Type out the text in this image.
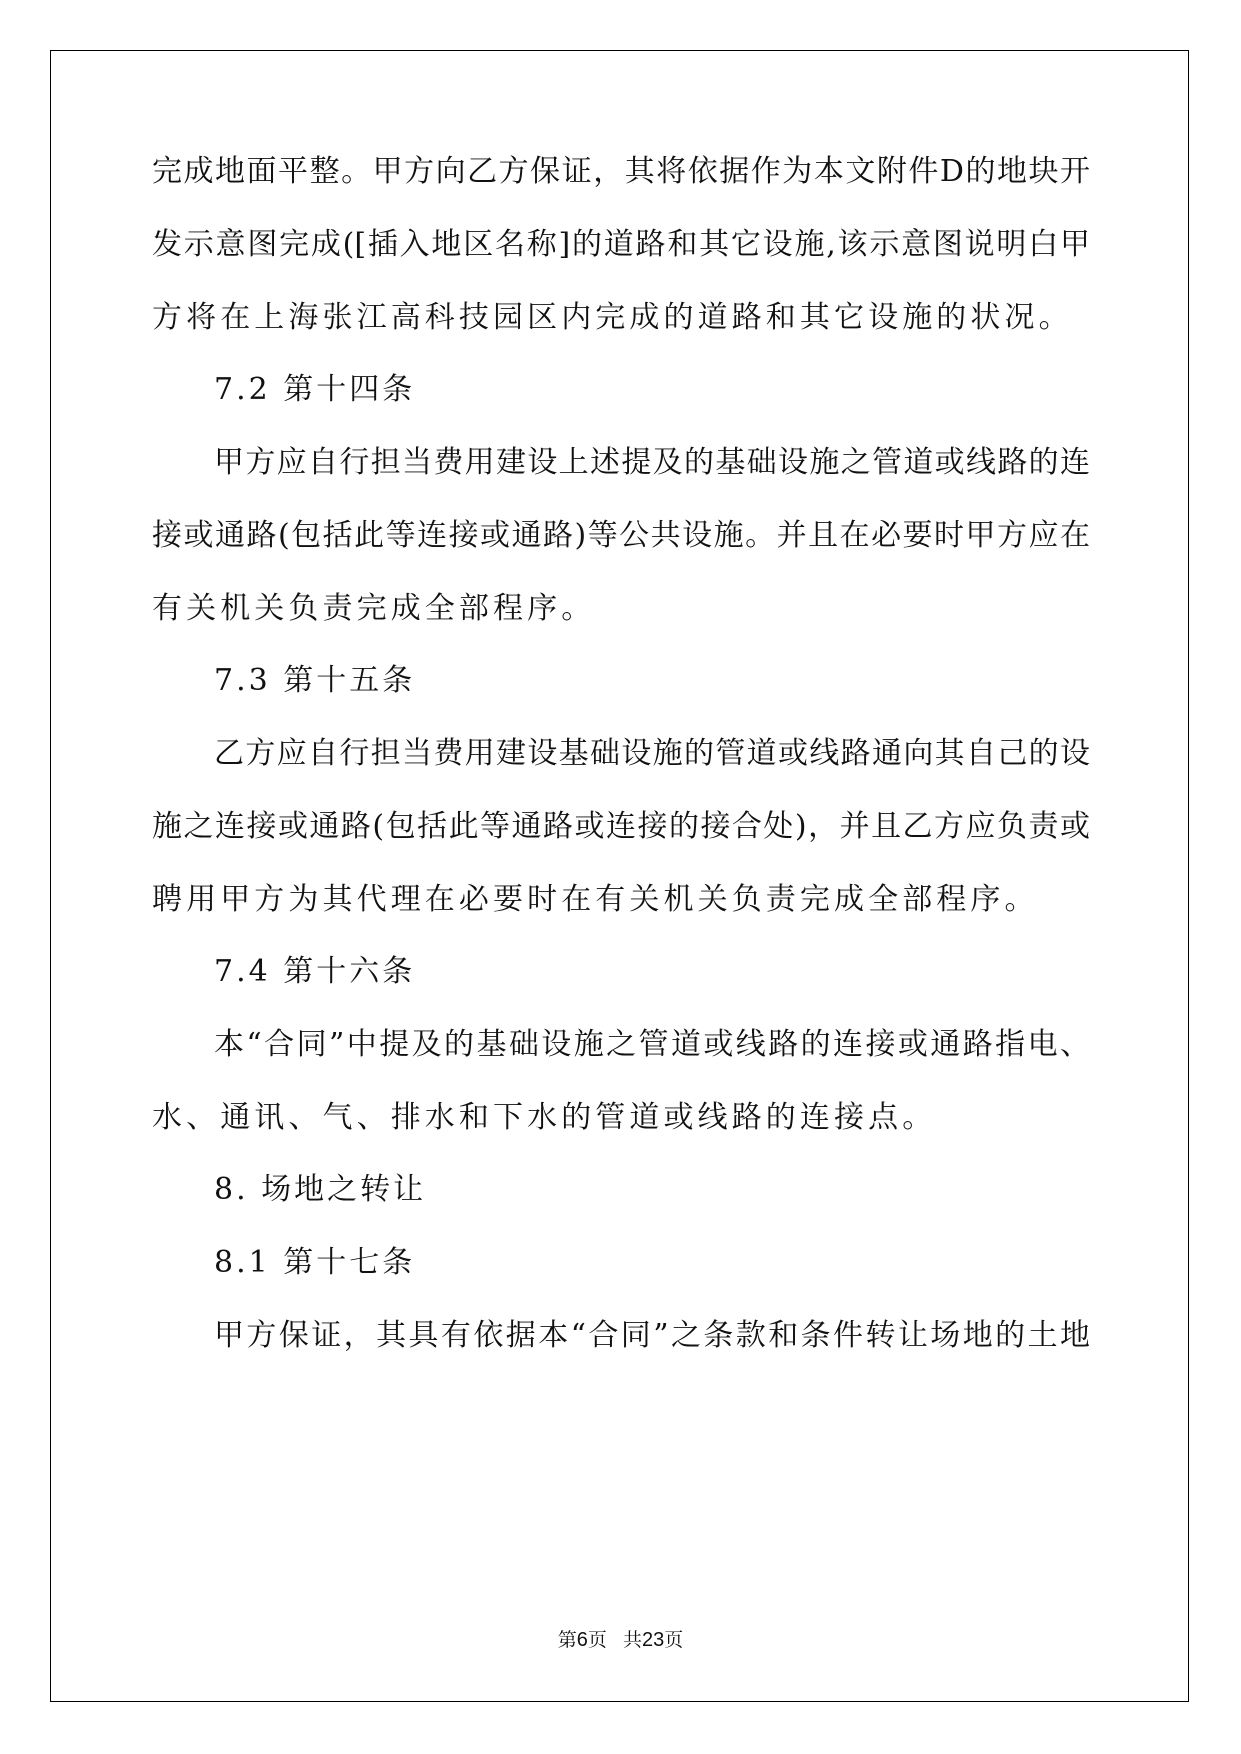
完成地面平整。甲方向乙方保证，其将依据作为本文附件D的地块开
发示意图完成([插入地区名称]的道路和其它设施,该示意图说明白甲
方将在上海张江高科技园区内完成的道路和其它设施的状况。
7.2 第十四条
甲方应自行担当费用建设上述提及的基础设施之管道或线路的连
接或通路(包括此等连接或通路)等公共设施。并且在必要时甲方应在
有关机关负责完成全部程序。
7.3 第十五条
乙方应自行担当费用建设基础设施的管道或线路通向其自己的设
施之连接或通路(包括此等通路或连接的接合处)，并且乙方应负责或
聘用甲方为其代理在必要时在有关机关负责完成全部程序。
7.4 第十六条
本“合同”中提及的基础设施之管道或线路的连接或通路指电、
水、通讯、气、排水和下水的管道或线路的连接点。
8. 场地之转让
8.1 第十七条
甲方保证，其具有依据本“合同”之条款和条件转让场地的土地
第6页 共23页
